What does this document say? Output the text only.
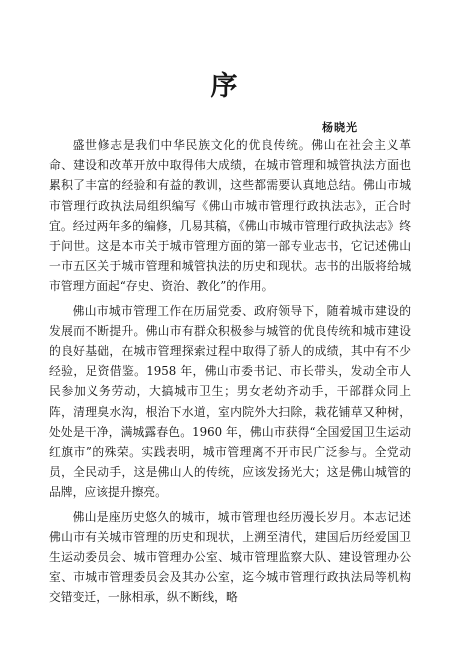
序
杨晓光

盛世修志是我们中华民族文化的优良传统。佛山在社会主义革命、建设和改革开放中取得伟大成绩，在城市管理和城管执法方面也累积了丰富的经验和有益的教训，这些都需要认真地总结。佛山市城市管理行政执法局组织编写《佛山市城市管理行政执法志》，正合时宜。经过两年多的编修，几易其稿，《佛山市城市管理行政执法志》终于问世。这是本市关于城市管理方面的第一部专业志书，它记述佛山一市五区关于城市管理和城管执法的历史和现状。志书的出版将给城市管理方面起“存史、资治、教化”的作用。

佛山市城市管理工作在历届党委、政府领导下，随着城市建设的发展而不断提升。佛山市有群众积极参与城管的优良传统和城市建设的良好基础，在城市管理探索过程中取得了骄人的成绩，其中有不少经验，足资借鉴。1958 年，佛山市委书记、市长带头，发动全市人民参加义务劳动，大搞城市卫生；男女老幼齐动手，干部群众同上阵，清理臭水沟，根治下水道，室内院外大扫除，栽花铺草又种树，处处是干净，满城露春色。1960 年，佛山市获得“全国爱国卫生运动红旗市”的殊荣。实践表明，城市管理离不开市民广泛参与。全党动员，全民动手，这是佛山人的传统，应该发扬光大；这是佛山城管的品牌，应该提升擦亮。

佛山是座历史悠久的城市，城市管理也经历漫长岁月。本志记述佛山市有关城市管理的历史和现状，上溯至清代，建国后历经爱国卫生运动委员会、城市管理办公室、城市管理监察大队、建设管理办公室、市城市管理委员会及其办公室，迄今城市管理行政执法局等机构交错变迁，一脉相承，纵不断线，略
